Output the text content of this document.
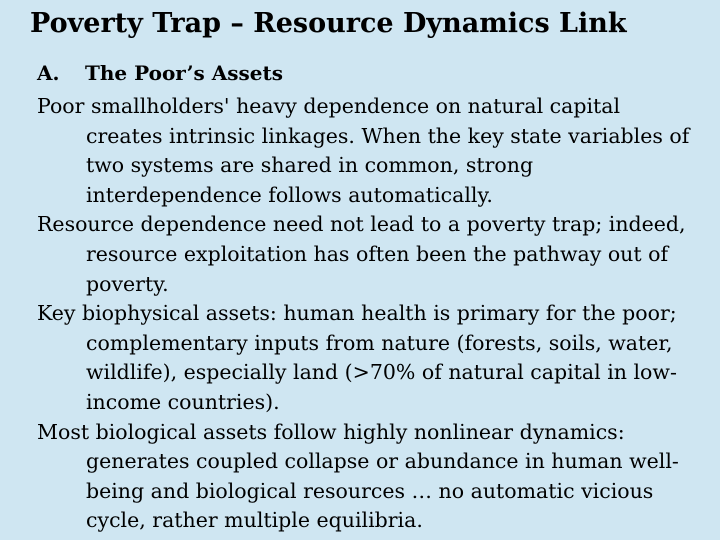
Poverty Trap – Resource Dynamics Link
A. The Poor’s Assets

Poor smallholders' heavy dependence on natural capital creates intrinsic linkages. When the key state variables of two systems are shared in common, strong interdependence follows automatically.

Resource dependence need not lead to a poverty trap; indeed, resource exploitation has often been the pathway out of poverty.

Key biophysical assets: human health is primary for the poor; complementary inputs from nature (forests, soils, water, wildlife), especially land (>70% of natural capital in low-income countries).

Most biological assets follow highly nonlinear dynamics: generates coupled collapse or abundance in human well-being and biological resources … no automatic vicious cycle, rather multiple equilibria.
